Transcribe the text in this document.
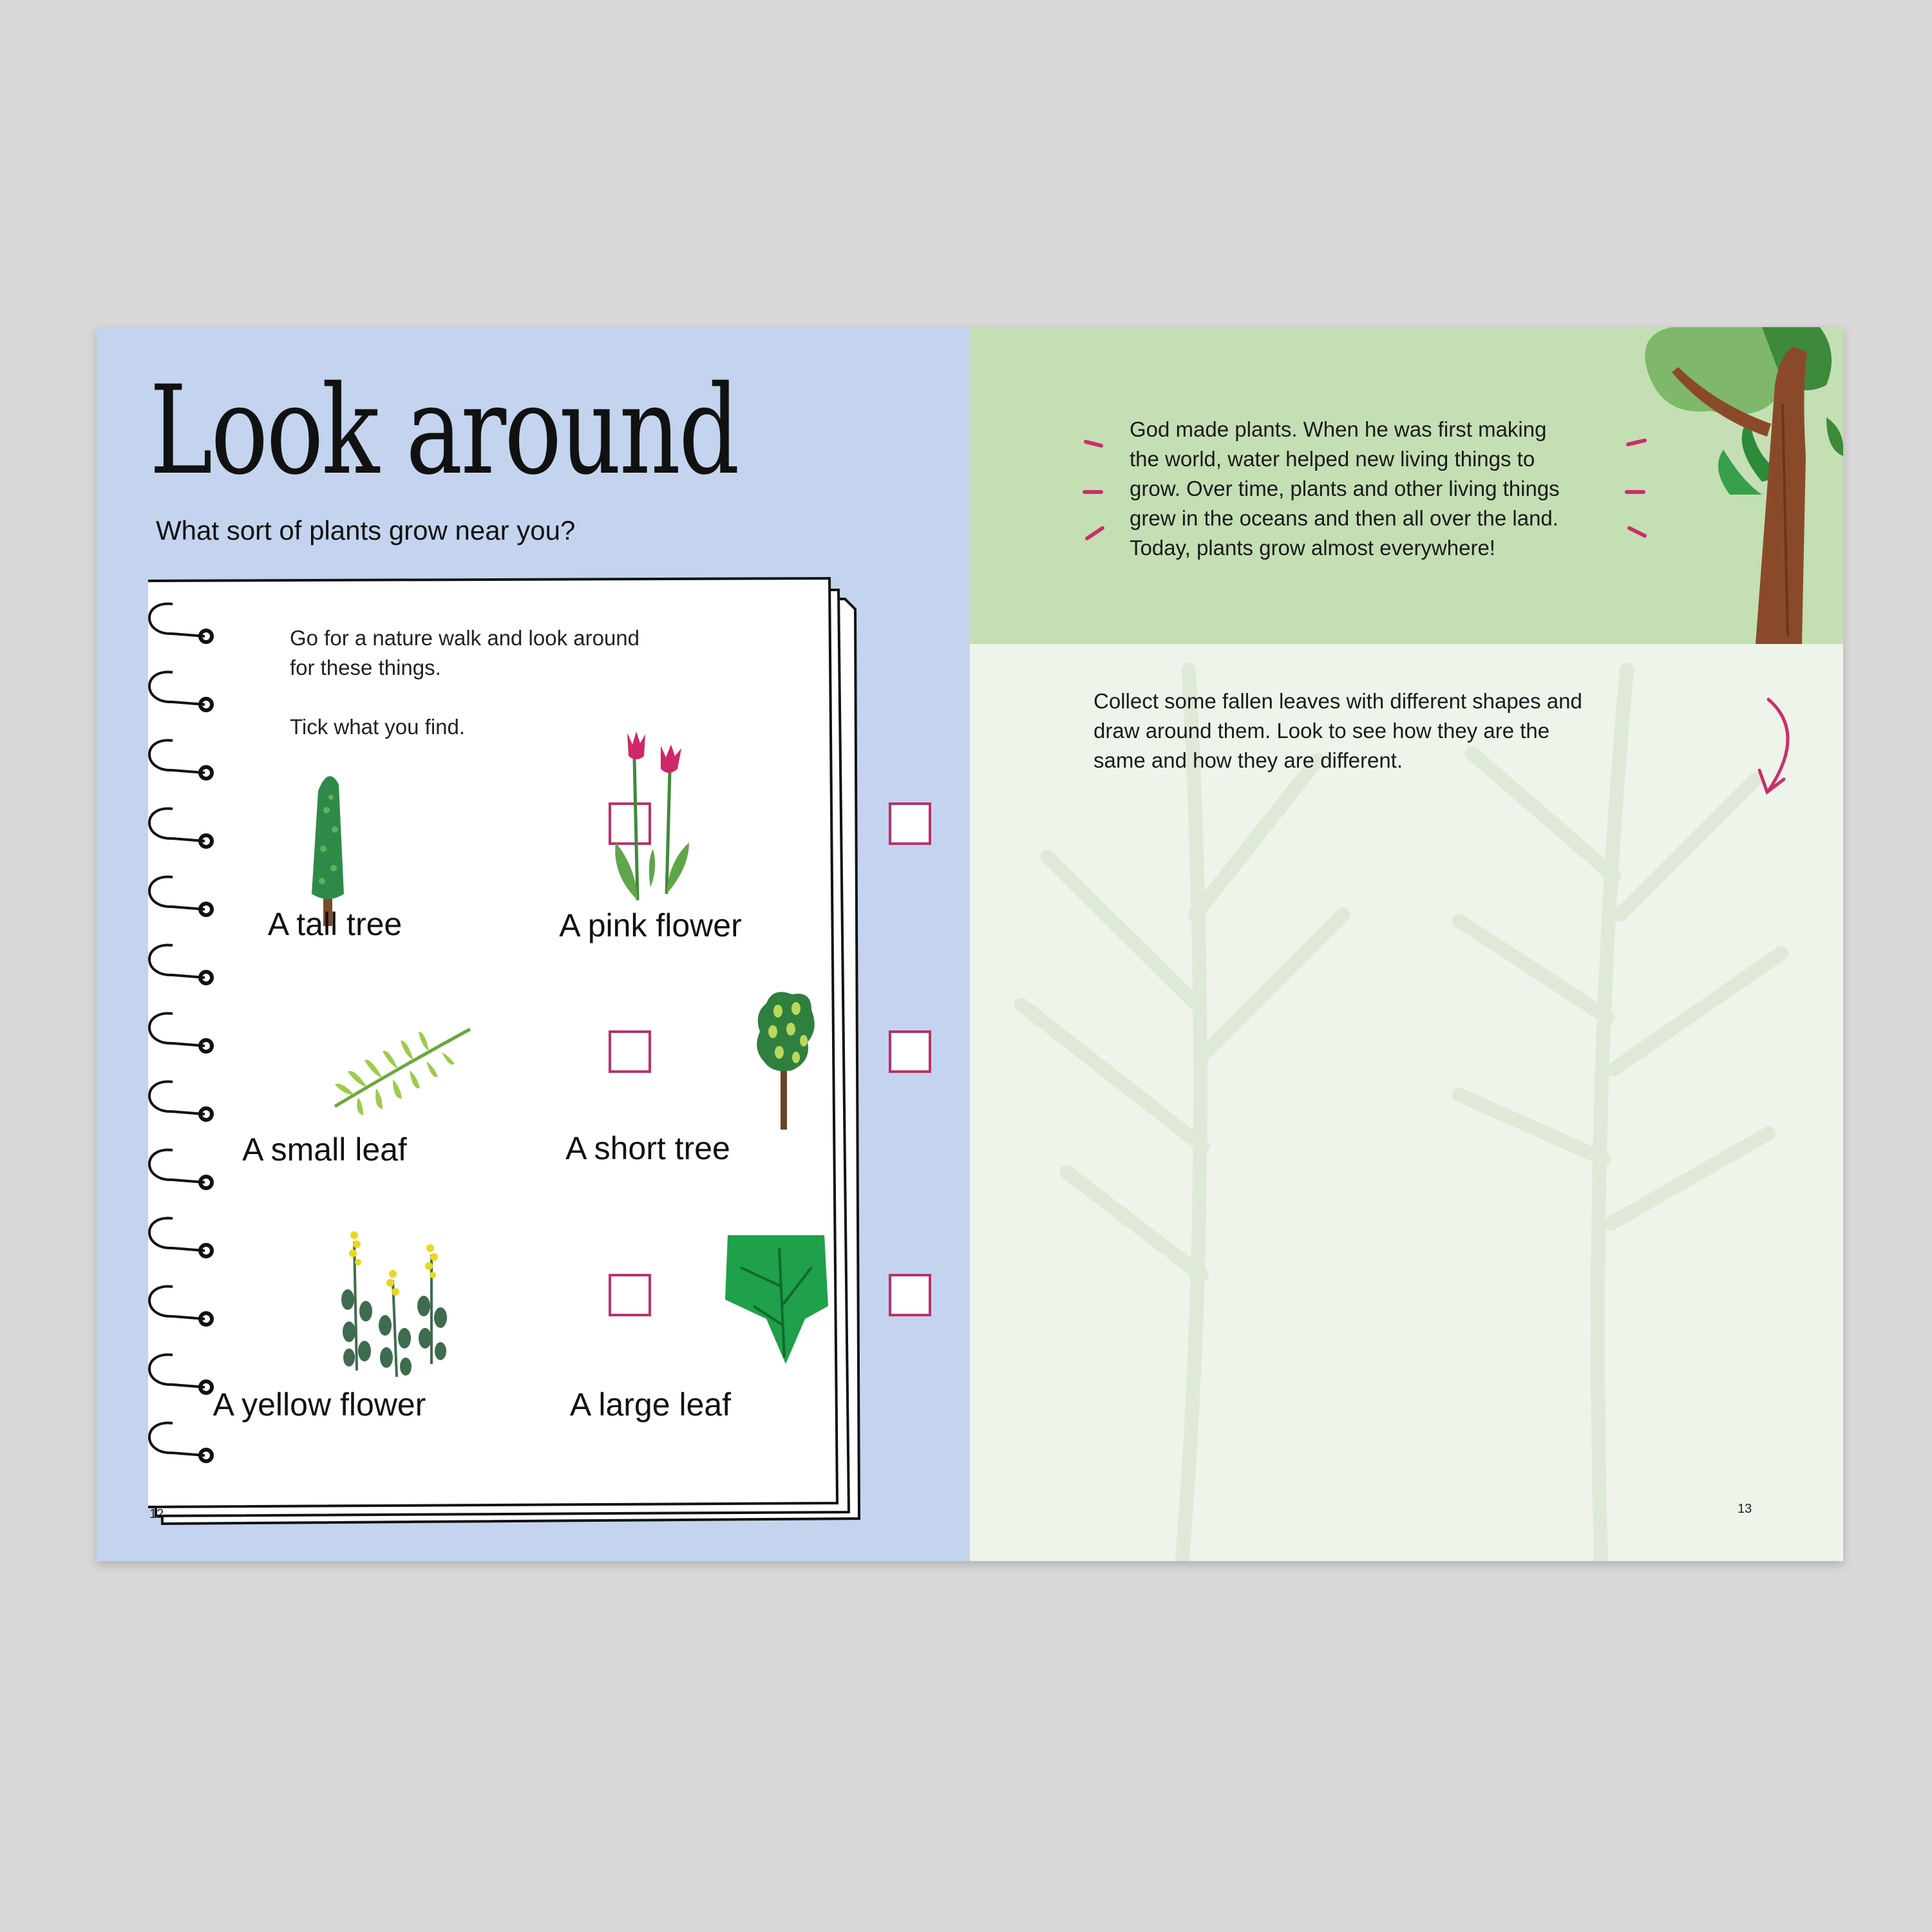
Look around
What sort of plants grow near you?
Go for a nature walk and look around
for these things.
Tick what you find.
A tall tree	A pink flower
A small leaf	A short tree
A yellow flower	A large leaf
12
God made plants. When he was first making
the world, water helped new living things to
grow. Over time, plants and other living things
grew in the oceans and then all over the land.
Today, plants grow almost everywhere!
Collect some fallen leaves with different shapes and
draw around them. Look to see how they are the
same and how they are different.
13
